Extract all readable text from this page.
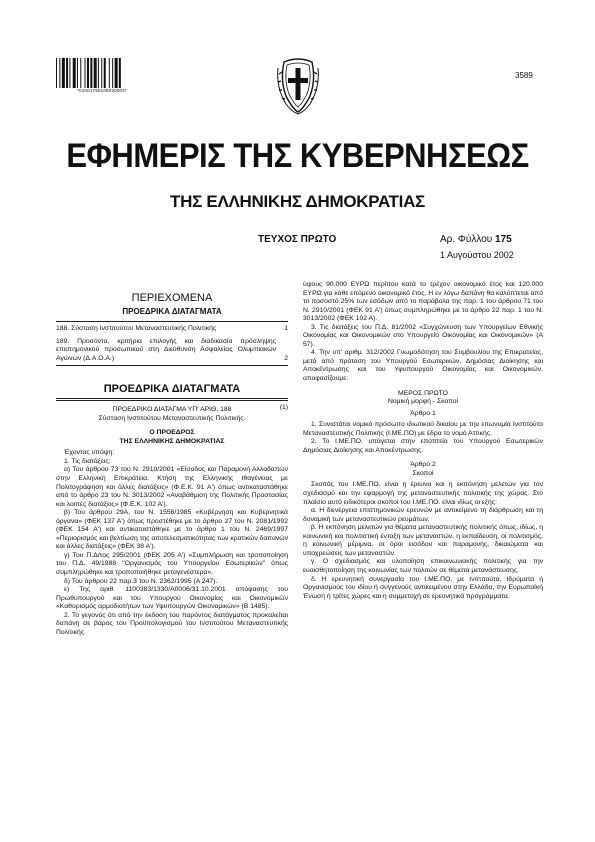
*01001750108020004*
3589
ΕΦΗΜΕΡΙΣ ΤΗΣ ΚΥΒΕΡΝΗΣΕΩΣ
ΤΗΣ ΕΛΛΗΝΙΚΗΣ ΔΗΜΟΚΡΑΤΙΑΣ
ΤΕΥΧΟΣ ΠΡΩΤΟ	Αρ. Φύλλου 175
1 Αυγούστου 2002
ΠΕΡΙΕΧΟΜΕΝΑ
ΠΡΟΕΔΡΙΚΑ ΔΙΑΤΑΓΜΑΤΑ
188. Σύσταση Ινστιτούτου Μεταναστευτικής Πολιτικής	1
189. Προσόντα, κριτήρια επιλογής και διαδικασία πρόσληψης επιστημονικού προσωπικού στη Διεύθυνση Ασφαλείας Ολυμπιακών Αγώνων (Δ.Α.Ο.Α.)	2
ΠΡΟΕΔΡΙΚΑ ΔΙΑΤΑΓΜΑΤΑ
ΠΡΟΕΔΡΙΚΟ ΔΙΑΤΑΓΜΑ ΥΠ' ΑΡΙΘ. 188	(1)
Σύσταση Ινστιτούτου Μεταναστευτικής Πολιτικής.
Ο ΠΡΟΕΔΡΟΣ
ΤΗΣ ΕΛΛΗΝΙΚΗΣ ΔΗΜΟΚΡΑΤΙΑΣ

Έχοντας υπόψη:

1. Τις διατάξεις:

α) Του άρθρου 73 του Ν. 2910/2001 «Είσοδος και Παραμονή Αλλοδαπών στην Ελληνική Επικράτεια. Κτήση της Ελληνικής Ιθαγένειας με Πολιτογράφηση και άλλες διατάξεις» (Φ.Ε.Κ. 91 Α') όπως αντικαταστάθηκε από το άρθρο 23 του Ν. 3013/2002 «Αναβάθμιση της Πολιτικής Προστασίας και λοιπές διατάξεις» (Φ.Ε.Κ. 102 Α').

β) Του άρθρου 29Α, του Ν. 1558/1985 «Κυβέρνηση και Κυβερνητικά όργανα» (ΦΕΚ 137 Α') όπως προστέθηκε με το άρθρο 27 του Ν. 2081/1992 (ΦΕΚ 154 Α') και αντικαταστάθηκε με το άρθρο 1 του Ν. 2469/1997 «Περιορισμός και βελτίωση της αποτελεσματικότητας των κρατικών δαπανών και άλλες διατάξεις» (ΦΕΚ 38 Α').

γ) Του Π.Δ/τος 295/2001 (ΦΕΚ 205 Α') «Συμπλήρωση και τροποποίηση του Π.Δ. 49/1988 "Οργανισμός του Υπουργείου Εσωτερικών" όπως συμπληρώθηκε και τροποποιήθηκε μεταγενέστερα».

δ) Του άρθρου 22 παρ.3 του Ν. 2362/1995 (Α 247).

ε) Της αριθ. 1100383/1330/Α0006/31.10.2001 απόφασης του Πρωθυπουργού και του Υπουργού Οικονομίας και Οικονομικών «Καθορισμός αρμοδιοτήτων των Υφυπουργών Οικονομικών» (Β 1485).

2. Το γεγονός ότι από την έκδοση του παρόντος διατάγματος προκαλείται δαπάνη σε βάρος του Προϋπολογισμού του Ινστιτούτου Μεταναστευτικής Πολιτικής

ύψους 90.000 ΕΥΡΩ περίπου κατά το τρέχον οικονομικό έτος και 120.000 ΕΥΡΩ για κάθε επόμενο οικονομικό έτος. Η εν λόγω δαπάνη θα καλύπτεται από το ποσοστό 25% των εσόδων από το παράβολα της παρ. 1 του άρθρου 71 του Ν. 2910/2001 (ΦΕΚ 91 Α') όπως συμπληρώθηκε με το άρθρο 22 παρ. 1 του Ν. 3013/2002 (ΦΕΚ 102 Α).

3. Τις διατάξεις του Π.Δ. 81/2002 «Συγχώνευση των Υπουργείων Εθνικής Οικονομίας και Οικονομικών στο Υπουργείο Οικονομίας και Οικονομικών» (Α 57).

4. Την υπ' αριθμ. 312/2002 Γνωμοδότηση του Συμβουλίου της Επικρατείας, μετά από πρόταση του Υπουργού Εσωτερικών, Δημόσιας Διοίκησης και Αποκέντρωσης και του Υφυπουργού Οικονομίας και Οικονομικών, αποφασίζουμε:

ΜΕΡΟΣ ΠΡΩΤΟ
Νομική μορφή - Σκοποί
Άρθρο 1

1. Συνιστάται νομικό πρόσωπο ιδιωτικού δικαίου με την επωνυμία Ινστιτούτο Μεταναστευτικής Πολιτικής (Ι.ΜΕ.ΠΟ) με έδρα το νομό Αττικής.

2. Το Ι.ΜΕ.ΠΟ. υπάγεται στην εποπτεία του Υπουργού Εσωτερικών Δημόσιας Διοίκησης και Αποκέντρωσης.

Άρθρο 2
Σκοποί

Σκοπός του Ι.ΜΕ.ΠΟ. είναι η έρευνα και η εκπόνηση μελετών για τον σχεδιασμό και την εφαρμογή της μεταναστευτικής πολιτικής της χώρας. Στο πλαίσιο αυτό ειδικότεροι σκοποί του Ι.ΜΕ.ΠΟ. είναι ιδίως οι εξής:

α. Η διενέργεια επιστημονικών ερευνών με αντικείμενο τη διάρθρωση και τη δυναμική των μεταναστευτικών ρευμάτων.

β. Η εκπόνηση μελετών για θέματα μεταναστευτικής πολιτικής όπως, ιδίως, η κοινωνική και πολιτιστική ένταξη των μεταναστών, η εκπαίδευση, οι πολιτισμός, η κοινωνική μέριμνα, οι όροι εισόδου και παραμονής, δικαιώματα και υποχρεώσεις των μεταναστών.

γ. Ο σχεδιασμός και υλοποίηση επικοινωνιακής πολιτικής για την ευαισθητοποίηση της κοινωνίας των πολιτών σε θέματα μετανάστευσης.

δ. Η ερευνητική συνεργασία του Ι.ΜΕ.ΠΟ. με Ινστιτούτα, Ιδρύματα ή Οργανισμούς του ιδίου ή συγγενούς αντικειμένου στην Ελλάδα, την Ευρωπαϊκή Ένωση ή τρίτες χώρες και η συμμετοχή σε ερευνητικά προγράμματα.
